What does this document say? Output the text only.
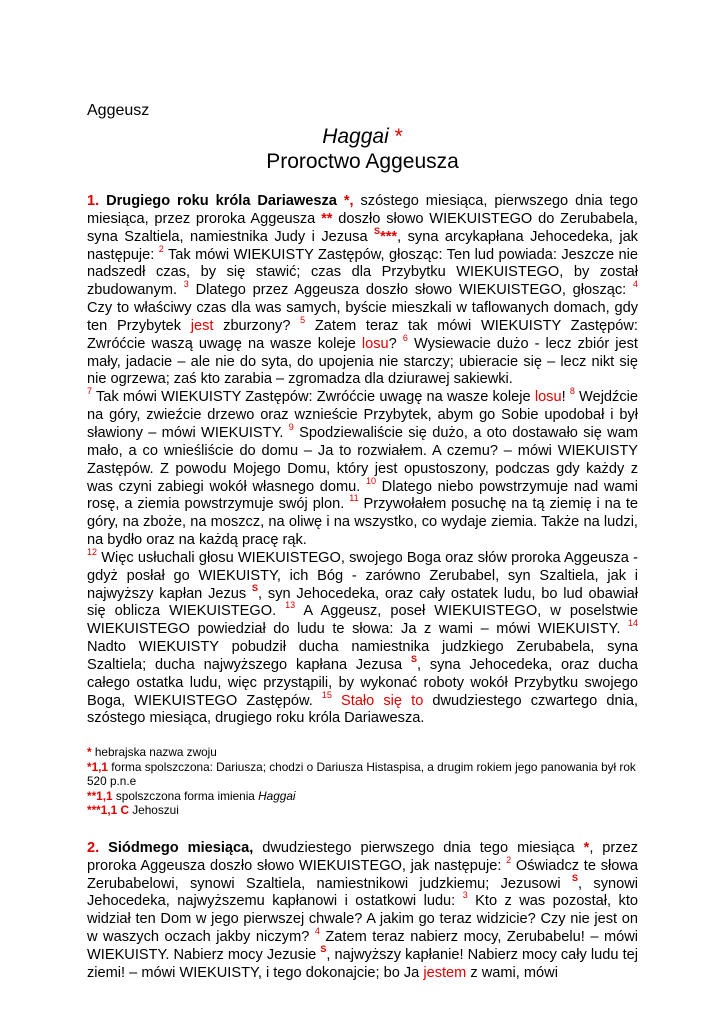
Aggeusz
Haggai *
Proroctwo Aggeusza

1. Drugiego roku króla Dariawesza *, szóstego miesiąca, pierwszego dnia tego miesiąca, przez proroka Aggeusza ** doszło słowo WIEKUISTEGO do Zerubabela, syna Szaltiela, namiestnika Judy i Jezusa $^S$***, syna arcykapłana Jehocedeka, jak następuje: $^2$ Tak mówi WIEKUISTY Zastępów, głosząc: Ten lud powiada: Jeszcze nie nadszedł czas, by się stawić; czas dla Przybytku WIEKUISTEGO, by został zbudowanym. $^3$ Dlatego przez Aggeusza doszło słowo WIEKUISTEGO, głosząc: $^4$ Czy to właściwy czas dla was samych, byście mieszkali w taflowanych domach, gdy ten Przybytek jest zburzony? $^5$ Zatem teraz tak mówi WIEKUISTY Zastępów: Zwróćcie waszą uwagę na wasze koleje losu? $^6$ Wysiewacie dużo - lecz zbiór jest mały, jadacie – ale nie do syta, do upojenia nie starczy; ubieracie się – lecz nikt się nie ogrzewa; zaś kto zarabia – zgromadza dla dziurawej sakiewki.

$^7$ Tak mówi WIEKUISTY Zastępów: Zwróćcie uwagę na wasze koleje losu! $^8$ Wejdźcie na góry, zwieźcie drzewo oraz wznieście Przybytek, abym go Sobie upodobał i był sławiony – mówi WIEKUISTY. $^9$ Spodziewaliście się dużo, a oto dostawało się wam mało, a co wnieśliście do domu – Ja to rozwiałem. A czemu? – mówi WIEKUISTY Zastępów. Z powodu Mojego Domu, który jest opustoszony, podczas gdy każdy z was czyni zabiegi wokół własnego domu. $^{10}$ Dlatego niebo powstrzymuje nad wami rosę, a ziemia powstrzymuje swój plon. $^{11}$ Przywołałem posuchę na tą ziemię i na te góry, na zboże, na moszcz, na oliwę i na wszystko, co wydaje ziemia. Także na ludzi, na bydło oraz na każdą pracę rąk.

$^{12}$ Więc usłuchali głosu WIEKUISTEGO, swojego Boga oraz słów proroka Aggeusza - gdyż posłał go WIEKUISTY, ich Bóg - zarówno Zerubabel, syn Szaltiela, jak i najwyższy kapłan Jezus $^S$, syn Jehocedeka, oraz cały ostatek ludu, bo lud obawiał się oblicza WIEKUISTEGO. $^{13}$ A Aggeusz, poseł WIEKUISTEGO, w poselstwie WIEKUISTEGO powiedział do ludu te słowa: Ja z wami – mówi WIEKUISTY. $^{14}$ Nadto WIEKUISTY pobudził ducha namiestnika judzkiego Zerubabela, syna Szaltiela; ducha najwyższego kapłana Jezusa $^S$, syna Jehocedeka, oraz ducha całego ostatka ludu, więc przystąpili, by wykonać roboty wokół Przybytku swojego Boga, WIEKUISTEGO Zastępów. $^{15}$ Stało się to dwudziestego czwartego dnia, szóstego miesiąca, drugiego roku króla Dariawesza.

* hebrajska nazwa zwoju
*1,1 forma spolszczona: Dariusza; chodzi o Dariusza Histaspisa, a drugim rokiem jego panowania był rok 520 p.n.e
**1,1 spolszczona forma imienia Haggai
***1,1 C Jehoszui

2. Siódmego miesiąca, dwudziestego pierwszego dnia tego miesiąca *, przez proroka Aggeusza doszło słowo WIEKUISTEGO, jak następuje: $^2$ Oświadcz te słowa Zerubabelowi, synowi Szaltiela, namiestnikowi judzkiemu; Jezusowi $^S$, synowi Jehocedeka, najwyższemu kapłanowi i ostatkowi ludu: $^3$ Kto z was pozostał, kto widział ten Dom w jego pierwszej chwale? A jakim go teraz widzicie? Czy nie jest on w waszych oczach jakby niczym? $^4$ Zatem teraz nabierz mocy, Zerubabelu! – mówi WIEKUISTY. Nabierz mocy Jezusie $^S$, najwyższy kapłanie! Nabierz mocy cały ludu tej ziemi! – mówi WIEKUISTY, i tego dokonajcie; bo Ja jestem z wami, mówi
